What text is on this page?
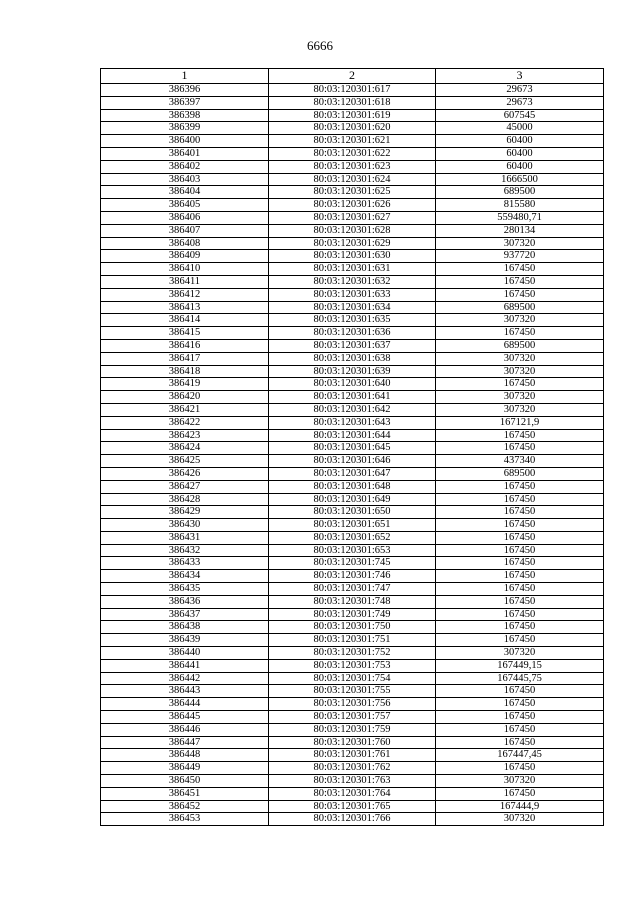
6666
1	2	3
386396	80:03:120301:617	29673
386397	80:03:120301:618	29673
386398	80:03:120301:619	607545
386399	80:03:120301:620	45000
386400	80:03:120301:621	60400
386401	80:03:120301:622	60400
386402	80:03:120301:623	60400
386403	80:03:120301:624	1666500
386404	80:03:120301:625	689500
386405	80:03:120301:626	815580
386406	80:03:120301:627	559480,71
386407	80:03:120301:628	280134
386408	80:03:120301:629	307320
386409	80:03:120301:630	937720
386410	80:03:120301:631	167450
386411	80:03:120301:632	167450
386412	80:03:120301:633	167450
386413	80:03:120301:634	689500
386414	80:03:120301:635	307320
386415	80:03:120301:636	167450
386416	80:03:120301:637	689500
386417	80:03:120301:638	307320
386418	80:03:120301:639	307320
386419	80:03:120301:640	167450
386420	80:03:120301:641	307320
386421	80:03:120301:642	307320
386422	80:03:120301:643	167121,9
386423	80:03:120301:644	167450
386424	80:03:120301:645	167450
386425	80:03:120301:646	437340
386426	80:03:120301:647	689500
386427	80:03:120301:648	167450
386428	80:03:120301:649	167450
386429	80:03:120301:650	167450
386430	80:03:120301:651	167450
386431	80:03:120301:652	167450
386432	80:03:120301:653	167450
386433	80:03:120301:745	167450
386434	80:03:120301:746	167450
386435	80:03:120301:747	167450
386436	80:03:120301:748	167450
386437	80:03:120301:749	167450
386438	80:03:120301:750	167450
386439	80:03:120301:751	167450
386440	80:03:120301:752	307320
386441	80:03:120301:753	167449,15
386442	80:03:120301:754	167445,75
386443	80:03:120301:755	167450
386444	80:03:120301:756	167450
386445	80:03:120301:757	167450
386446	80:03:120301:759	167450
386447	80:03:120301:760	167450
386448	80:03:120301:761	167447,45
386449	80:03:120301:762	167450
386450	80:03:120301:763	307320
386451	80:03:120301:764	167450
386452	80:03:120301:765	167444,9
386453	80:03:120301:766	307320
